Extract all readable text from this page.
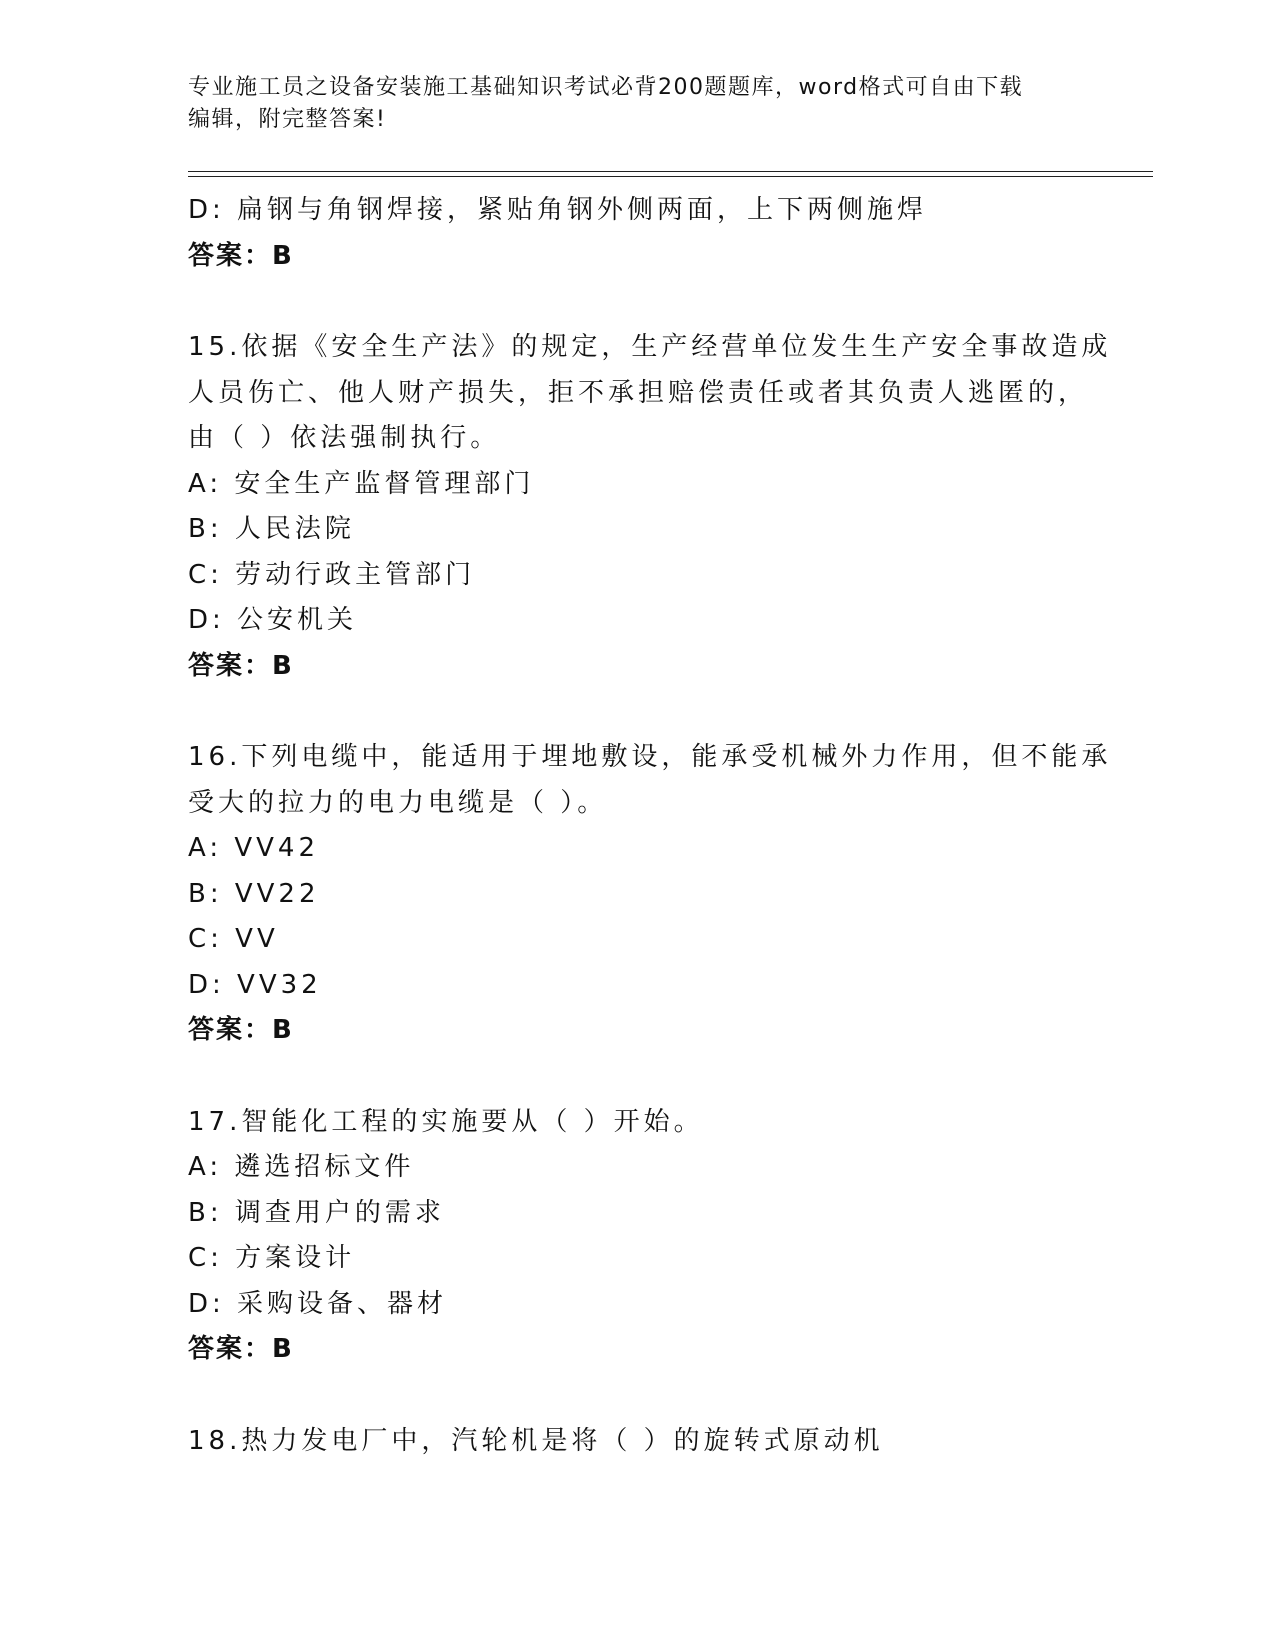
专业施工员之设备安装施工基础知识考试必背200题题库，word格式可自由下载
编辑，附完整答案!
D: 扁钢与角钢焊接，紧贴角钢外侧两面，上下两侧施焊
答案：B
15.依据《安全生产法》的规定，生产经营单位发生生产安全事故造成
人员伤亡、他人财产损失，拒不承担赔偿责任或者其负责人逃匿的，
由（ ）依法强制执行。
A: 安全生产监督管理部门
B: 人民法院
C: 劳动行政主管部门
D: 公安机关
答案：B
16.下列电缆中，能适用于埋地敷设，能承受机械外力作用，但不能承
受大的拉力的电力电缆是（ ）。
A: VV42
B: VV22
C: VV
D: VV32
答案：B
17.智能化工程的实施要从（ ）开始。
A: 遴选招标文件
B: 调查用户的需求
C: 方案设计
D: 采购设备、器材
答案：B
18.热力发电厂中，汽轮机是将（ ）的旋转式原动机
